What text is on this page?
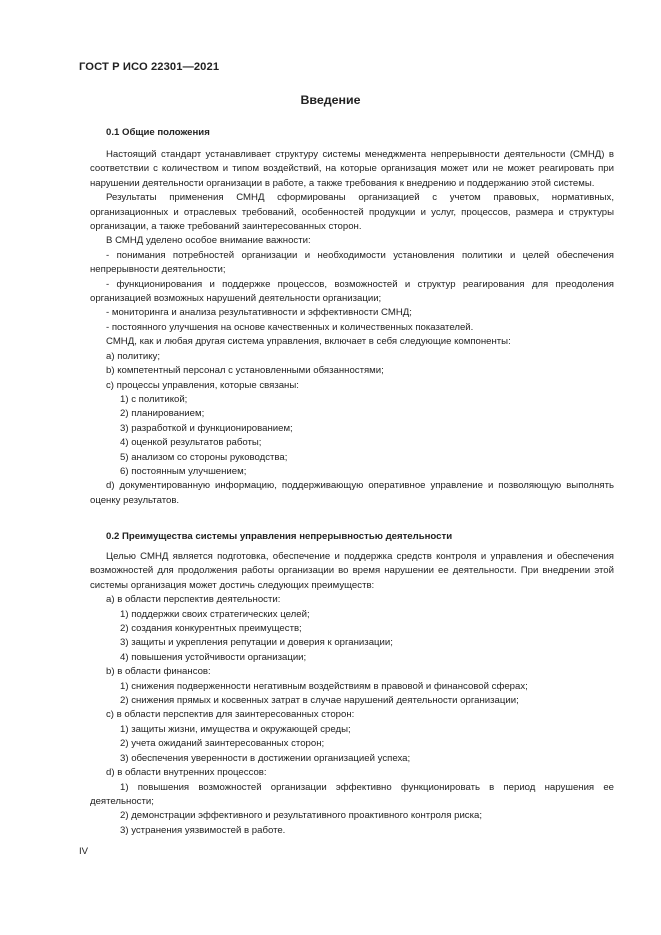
ГОСТ Р ИСО 22301—2021
Введение
0.1 Общие положения

Настоящий стандарт устанавливает структуру системы менеджмента непрерывности деятельности (СМНД) в соответствии с количеством и типом воздействий, на которые организация может или не может реагировать при нарушении деятельности организации в работе, а также требования к внедрению и поддержанию этой системы.

Результаты применения СМНД сформированы организацией с учетом правовых, нормативных, организационных и отраслевых требований, особенностей продукции и услуг, процессов, размера и структуры организации, а также требований заинтересованных сторон.

В СМНД уделено особое внимание важности:

- понимания потребностей организации и необходимости установления политики и целей обеспечения непрерывности деятельности;

- функционирования и поддержке процессов, возможностей и структур реагирования для преодоления организацией возможных нарушений деятельности организации;

- мониторинга и анализа результативности и эффективности СМНД;

- постоянного улучшения на основе качественных и количественных показателей.

СМНД, как и любая другая система управления, включает в себя следующие компоненты:

a) политику;

b) компетентный персонал с установленными обязанностями;

c) процессы управления, которые связаны:

1) с политикой;

2) планированием;

3) разработкой и функционированием;

4) оценкой результатов работы;

5) анализом со стороны руководства;

6) постоянным улучшением;

d) документированную информацию, поддерживающую оперативное управление и позволяющую выполнять оценку результатов.

0.2 Преимущества системы управления непрерывностью деятельности

Целью СМНД является подготовка, обеспечение и поддержка средств контроля и управления и обеспечения возможностей для продолжения работы организации во время нарушении ее деятельности. При внедрении этой системы организация может достичь следующих преимуществ:

a) в области перспектив деятельности:

1) поддержки своих стратегических целей;

2) создания конкурентных преимуществ;

3) защиты и укрепления репутации и доверия к организации;

4) повышения устойчивости организации;

b) в области финансов:

1) снижения подверженности негативным воздействиям в правовой и финансовой сферах;

2) снижения прямых и косвенных затрат в случае нарушений деятельности организации;

c) в области перспектив для заинтересованных сторон:

1) защиты жизни, имущества и окружающей среды;

2) учета ожиданий заинтересованных сторон;

3) обеспечения уверенности в достижении организацией успеха;

d) в области внутренних процессов:

1) повышения возможностей организации эффективно функционировать в период нарушения ее деятельности;

2) демонстрации эффективного и результативного проактивного контроля риска;

3) устранения уязвимостей в работе.

IV
